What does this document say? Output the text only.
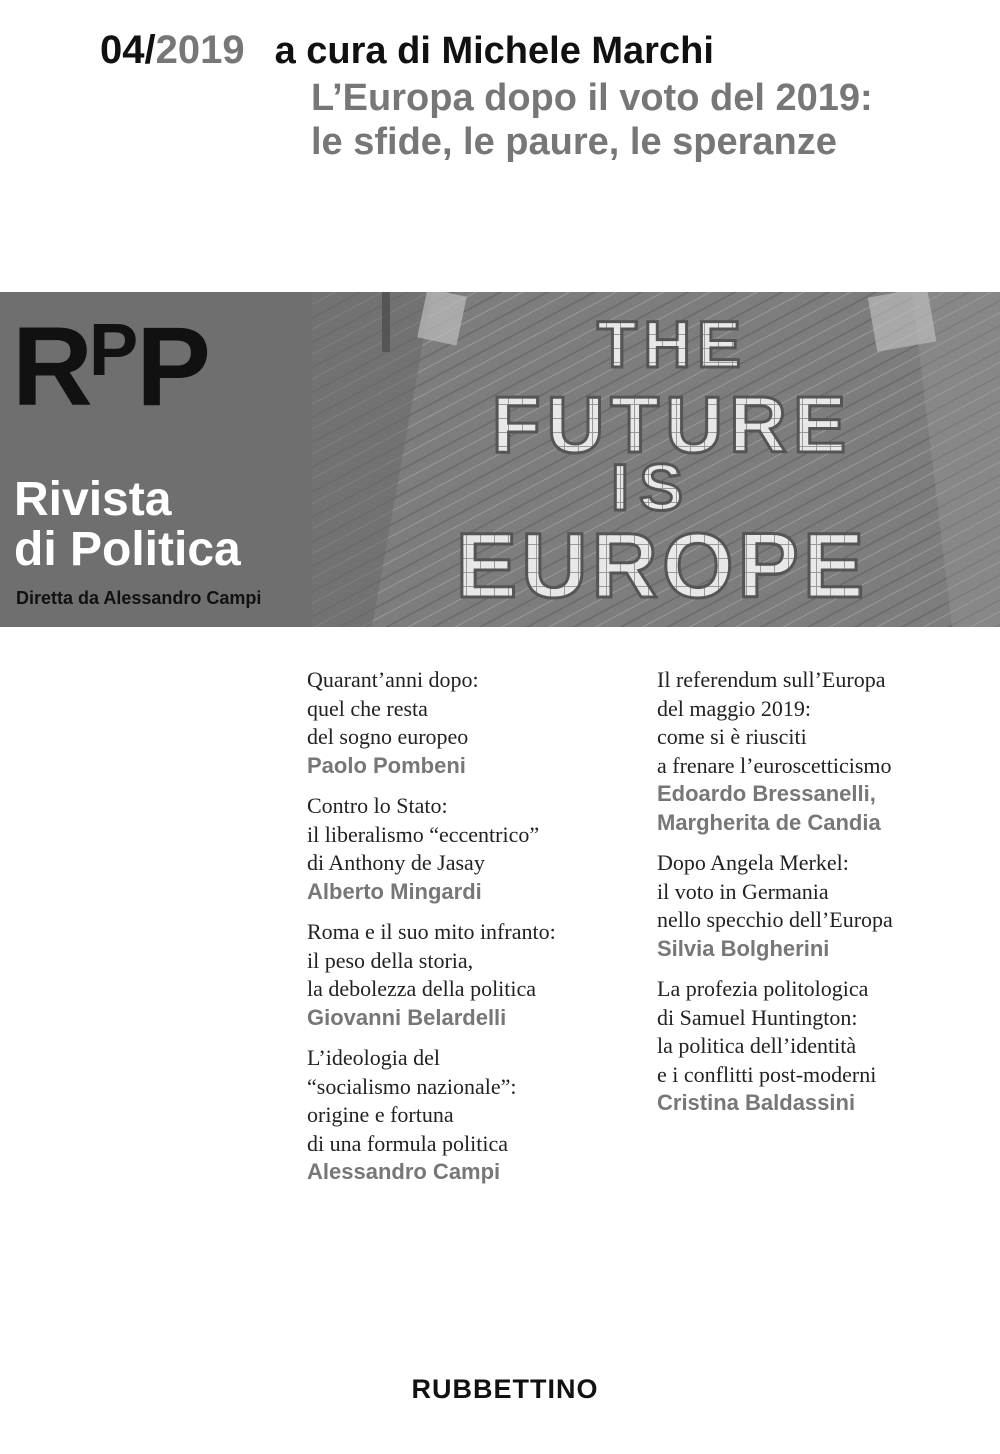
04 / 2019 a cura di Michele Marchi
L’Europa dopo il voto del 2019:
le sfide, le paure, le speranze
RPP
Rivista
di Politica
Diretta da Alessandro Campi
THE
FUTURE
IS
EUROPE
Quarant’anni dopo:
quel che resta
del sogno europeo
Paolo Pombeni
Contro lo Stato:
il liberalismo “eccentrico”
di Anthony de Jasay
Alberto Mingardi
Roma e il suo mito infranto:
il peso della storia,
la debolezza della politica
Giovanni Belardelli
L’ideologia del
“socialismo nazionale”:
origine e fortuna
di una formula politica
Alessandro Campi
Il referendum sull’Europa
del maggio 2019:
come si è riusciti
a frenare l’euroscetticismo
Edoardo Bressanelli,
Margherita de Candia
Dopo Angela Merkel:
il voto in Germania
nello specchio dell’Europa
Silvia Bolgherini
La profezia politologica
di Samuel Huntington:
la politica dell’identità
e i conflitti post-moderni
Cristina Baldassini
RUBBETTINO
